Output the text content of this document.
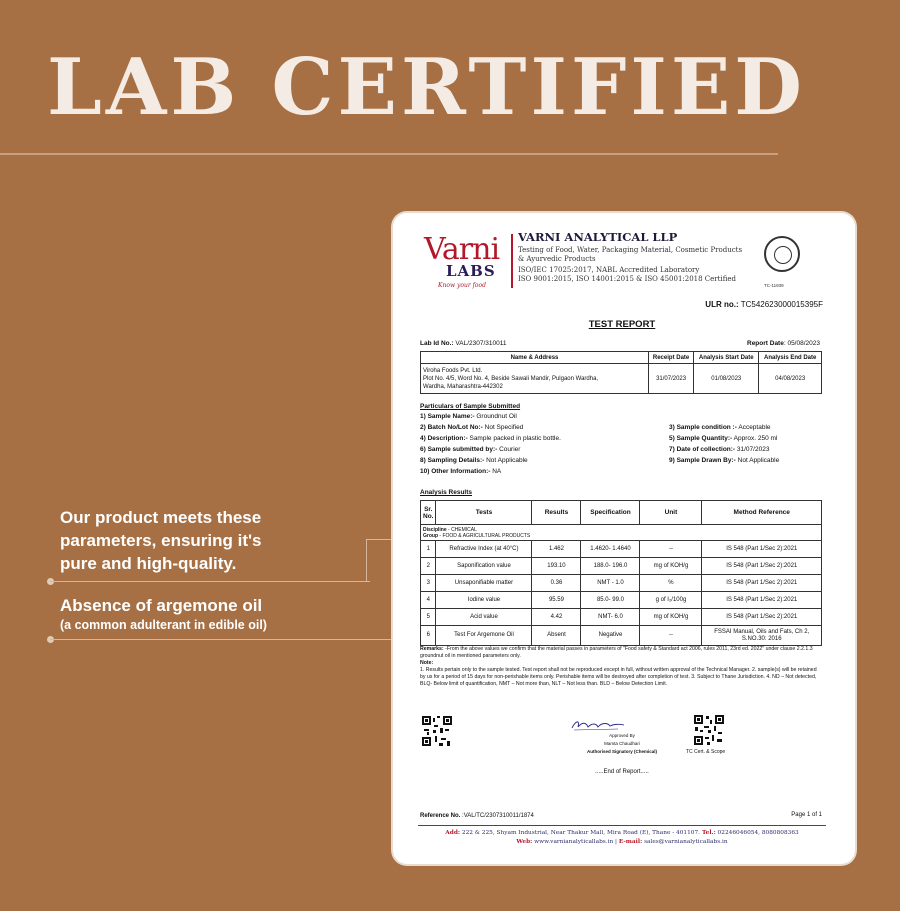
LAB CERTIFIED
Our product meets these
parameters, ensuring it's
pure and high-quality.
Absence of argemone oil
(a common adulterant in edible oil)
Varni
LABS
Know your food
VARNI ANALYTICAL LLP
Testing of Food, Water, Packaging Material, Cosmetic Products
& Ayurvedic Products
ISO/IEC 17025:2017, NABL Accredited Laboratory
ISO 9001:2015, ISO 14001:2015 & ISO 45001:2018 Certified
TC-11939
ULR no.: TC542623000015395F
TEST REPORT
Lab Id No.: VAL/2307/310011	Report Date: 05/08/2023
Name & Address	Receipt Date	Analysis Start Date	Analysis End Date

Viroha Foods Pvt. Ltd.
Plot No. 4/5, Word No. 4, Beside Sawali Mandir, Pulgaon Wardha,
Wardha, Maharashtra-442302	31/07/2023	01/08/2023	04/08/2023
Particulars of Sample Submitted
1) Sample Name:- Groundnut Oil
2) Batch No/Lot No:- Not Specified	3) Sample condition :- Acceptable
4) Description:- Sample packed in plastic bottle.	5) Sample Quantity:- Approx. 250 ml
6) Sample submitted by:- Courier	7) Date of collection:- 31/07/2023
8) Sampling Details:- Not Applicable	9) Sample Drawn By:- Not Applicable
10) Other Information:- NA
Analysis Results
Sr. No.	Tests	Results	Specification	Unit	Method Reference

Discipline - CHEMICAL
Group - FOOD & AGRICULTURAL PRODUCTS					

1	Refractive Index (at 40°C)	1.462	1.4620- 1.4640	--	IS 548 (Part 1/Sec 2):2021
2	Saponification value	193.10	188.0- 196.0	mg of KOH/g	IS 548 (Part 1/Sec 2):2021
3	Unsaponifiable matter	0.36	NMT - 1.0	%	IS 548 (Part 1/Sec 2):2021
4	Iodine value	95.59	85.0- 99.0	g of I₂/100g	IS 548 (Part 1/Sec 2):2021
5	Acid value	4.42	NMT- 6.0	mg of KOH/g	IS 548 (Part 1/Sec 2):2021
6	Test For Argemone Oil	Absent	Negative	--	FSSAI Manual, Oils and Fats, Ch 2, S.NO.30: 2016
Remarks: -From the above values we confirm that the material passes in parameters of "Food safety & Standard act 2006, rules 2011, 23rd ed. 2022" under clause 2.2.1.3 groundnut oil in mentioned parameters only.
Note:
1. Results pertain only to the sample tested. Test report shall not be reproduced except in full, without written approval of the Technical Manager. 2. sample(s) will be retained by us for a period of 15 days for non-perishable items only. Perishable items will be destroyed after completion of test. 3. Subject to Thane Jurisdiction. 4. ND – Not detected, BLQ- Below limit of quantification, NMT – Not more than, NLT – Not less than. BLD – Below Detection Limit.
Approved By
Mamta Chaudhari
Authorised Signatory (Chemical)	TC Cert. & Scope
.....End of Report.....
Reference No. :VAL/TC/2307310011/1874	Page 1 of 1
Add: 222 & 225, Shyam Industrial, Near Thakur Mall, Mira Road (E), Thane - 401107. Tel.: 02246046054, 8080808363
Web: www.varnianalyticallabs.in | E-mail: sales@varnianalyticallabs.in
